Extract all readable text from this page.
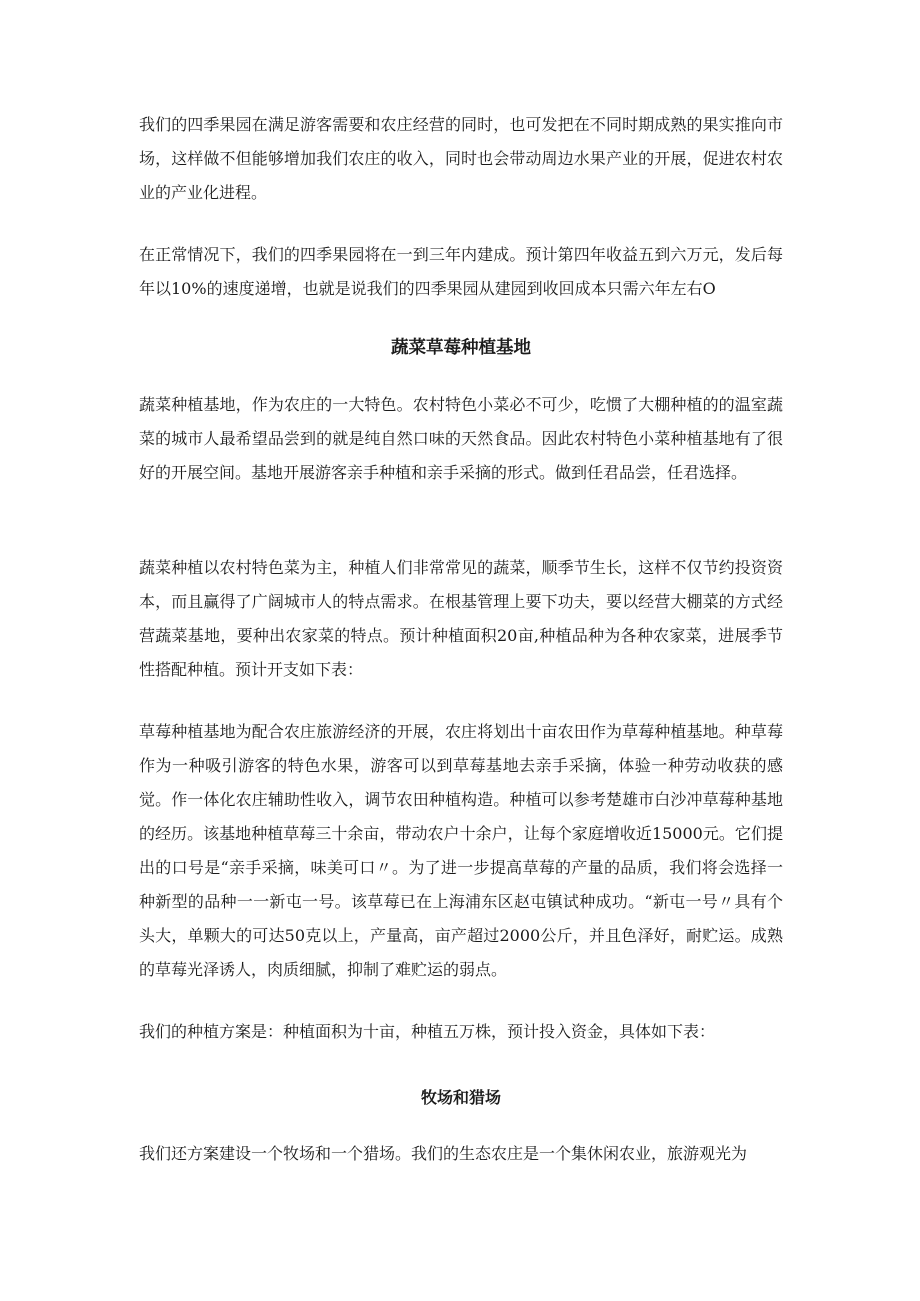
我们的四季果园在满足游客需要和农庄经营的同时，也可发把在不同时期成熟的果实推向市场，这样做不但能够增加我们农庄的收入，同时也会带动周边水果产业的开展，促进农村农业的产业化进程。

在正常情况下，我们的四季果园将在一到三年内建成。预计第四年收益五到六万元，发后每年以10%的速度递增，也就是说我们的四季果园从建园到收回成本只需六年左右O

蔬菜草莓种植基地

蔬菜种植基地，作为农庄的一大特色。农村特色小菜必不可少，吃惯了大棚种植的的温室蔬菜的城市人最希望品尝到的就是纯自然口味的天然食品。因此农村特色小菜种植基地有了很好的开展空间。基地开展游客亲手种植和亲手采摘的形式。做到任君品尝，任君选择。

蔬菜种植以农村特色菜为主，种植人们非常常见的蔬菜，顺季节生长，这样不仅节约投资资本，而且赢得了广阔城市人的特点需求。在根基管理上要下功夫，要以经营大棚菜的方式经营蔬菜基地，要种出农家菜的特点。预计种植面积20亩,种植品种为各种农家菜，进展季节性搭配种植。预计开支如下表：

草莓种植基地为配合农庄旅游经济的开展，农庄将划出十亩农田作为草莓种植基地。种草莓作为一种吸引游客的特色水果，游客可以到草莓基地去亲手采摘，体验一种劳动收获的感觉。作一体化农庄辅助性收入，调节农田种植构造。种植可以参考楚雄市白沙冲草莓种基地的经历。该基地种植草莓三十余亩，带动农户十余户，让每个家庭增收近15000元。它们提出的口号是“亲手采摘，味美可口〃。为了进一步提高草莓的产量的品质，我们将会选择一种新型的品种一一新屯一号。该草莓已在上海浦东区赵屯镇试种成功。“新屯一号〃具有个头大，单颗大的可达50克以上，产量高，亩产超过2000公斤，并且色泽好，耐贮运。成熟的草莓光泽诱人，肉质细腻，抑制了难贮运的弱点。

我们的种植方案是：种植面积为十亩，种植五万株，预计投入资金，具体如下表：

牧场和猎场

我们还方案建设一个牧场和一个猎场。我们的生态农庄是一个集休闲农业，旅游观光为
